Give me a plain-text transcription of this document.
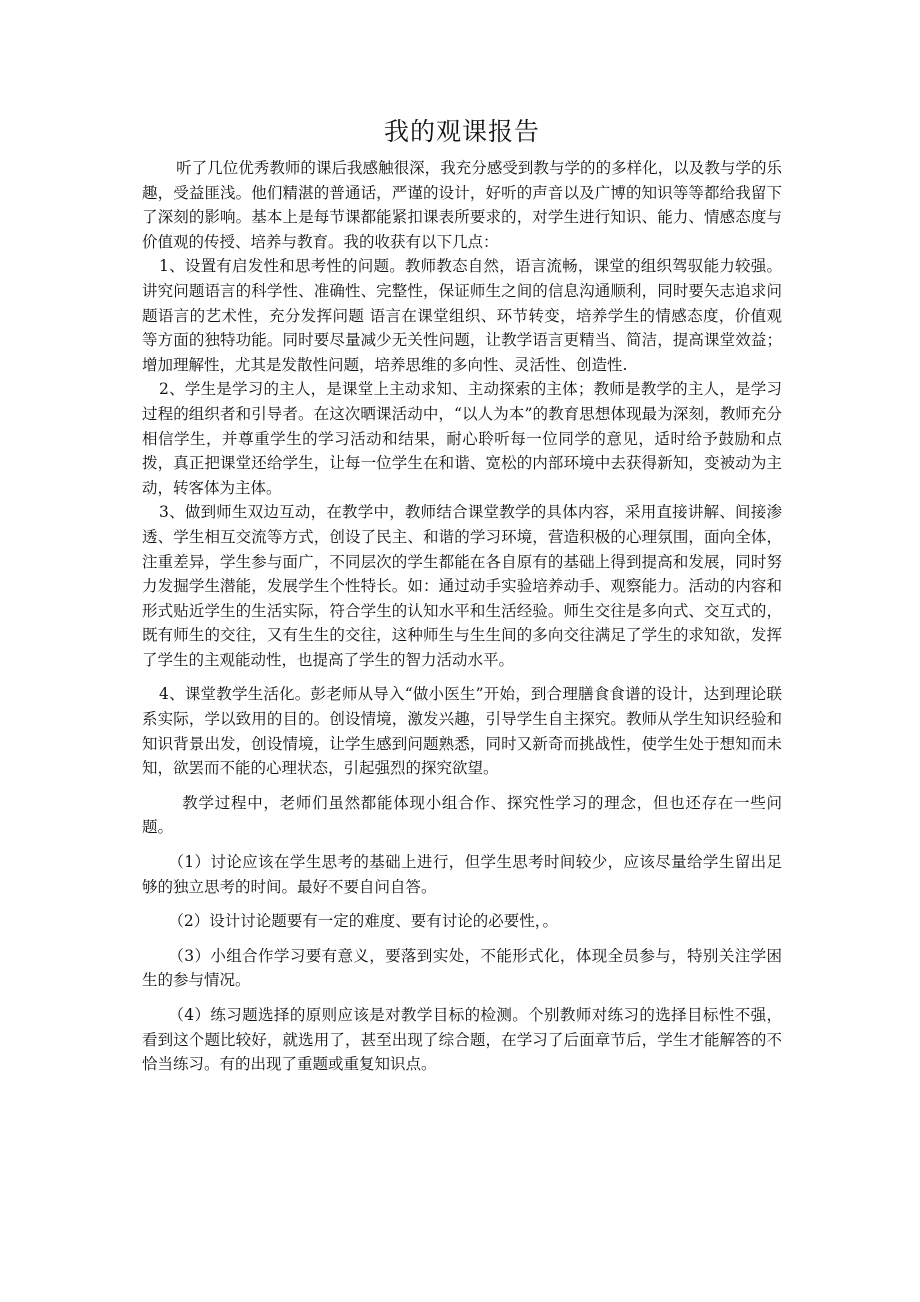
我的观课报告

听了几位优秀教师的课后我感触很深，我充分感受到教与学的的多样化，以及教与学的乐趣，受益匪浅。他们精湛的普通话，严谨的设计，好听的声音以及广博的知识等等都给我留下了深刻的影响。基本上是每节课都能紧扣课表所要求的，对学生进行知识、能力、情感态度与价值观的传授、培养与教育。我的收获有以下几点：

1、设置有启发性和思考性的问题。教师教态自然，语言流畅，课堂的组织驾驭能力较强。讲究问题语言的科学性、准确性、完整性，保证师生之间的信息沟通顺利，同时要矢志追求问题语言的艺术性，充分发挥问题 语言在课堂组织、环节转变，培养学生的情感态度，价值观等方面的独特功能。同时要尽量减少无关性问题，让教学语言更精当、简洁，提高课堂效益；增加理解性，尤其是发散性问题，培养思维的多向性、灵活性、创造性.

2、学生是学习的主人，是课堂上主动求知、主动探索的主体；教师是教学的主人，是学习过程的组织者和引导者。在这次晒课活动中，“以人为本”的教育思想体现最为深刻，教师充分相信学生，并尊重学生的学习活动和结果，耐心聆听每一位同学的意见，适时给予鼓励和点拨，真正把课堂还给学生，让每一位学生在和谐、宽松的内部环境中去获得新知，变被动为主动，转客体为主体。

3、做到师生双边互动，在教学中，教师结合课堂教学的具体内容，采用直接讲解、间接渗透、学生相互交流等方式，创设了民主、和谐的学习环境，营造积极的心理氛围，面向全体，注重差异，学生参与面广，不同层次的学生都能在各自原有的基础上得到提高和发展，同时努力发掘学生潜能，发展学生个性特长。如：通过动手实验培养动手、观察能力。活动的内容和形式贴近学生的生活实际，符合学生的认知水平和生活经验。师生交往是多向式、交互式的，既有师生的交往，又有生生的交往，这种师生与生生间的多向交往满足了学生的求知欲，发挥了学生的主观能动性，也提高了学生的智力活动水平。

4、课堂教学生活化。彭老师从导入“做小医生”开始，到合理膳食食谱的设计，达到理论联系实际，学以致用的目的。创设情境，激发兴趣，引导学生自主探究。教师从学生知识经验和知识背景出发，创设情境，让学生感到问题熟悉，同时又新奇而挑战性，使学生处于想知而未知，欲罢而不能的心理状态，引起强烈的探究欲望。

教学过程中，老师们虽然都能体现小组合作、探究性学习的理念，但也还存在一些问题。

（1）讨论应该在学生思考的基础上进行，但学生思考时间较少，应该尽量给学生留出足够的独立思考的时间。最好不要自问自答。

（2）设计讨论题要有一定的难度、要有讨论的必要性，。

（3）小组合作学习要有意义，要落到实处，不能形式化，体现全员参与，特别关注学困生的参与情况。

（4）练习题选择的原则应该是对教学目标的检测。个别教师对练习的选择目标性不强，看到这个题比较好，就选用了，甚至出现了综合题，在学习了后面章节后，学生才能解答的不恰当练习。有的出现了重题或重复知识点。
